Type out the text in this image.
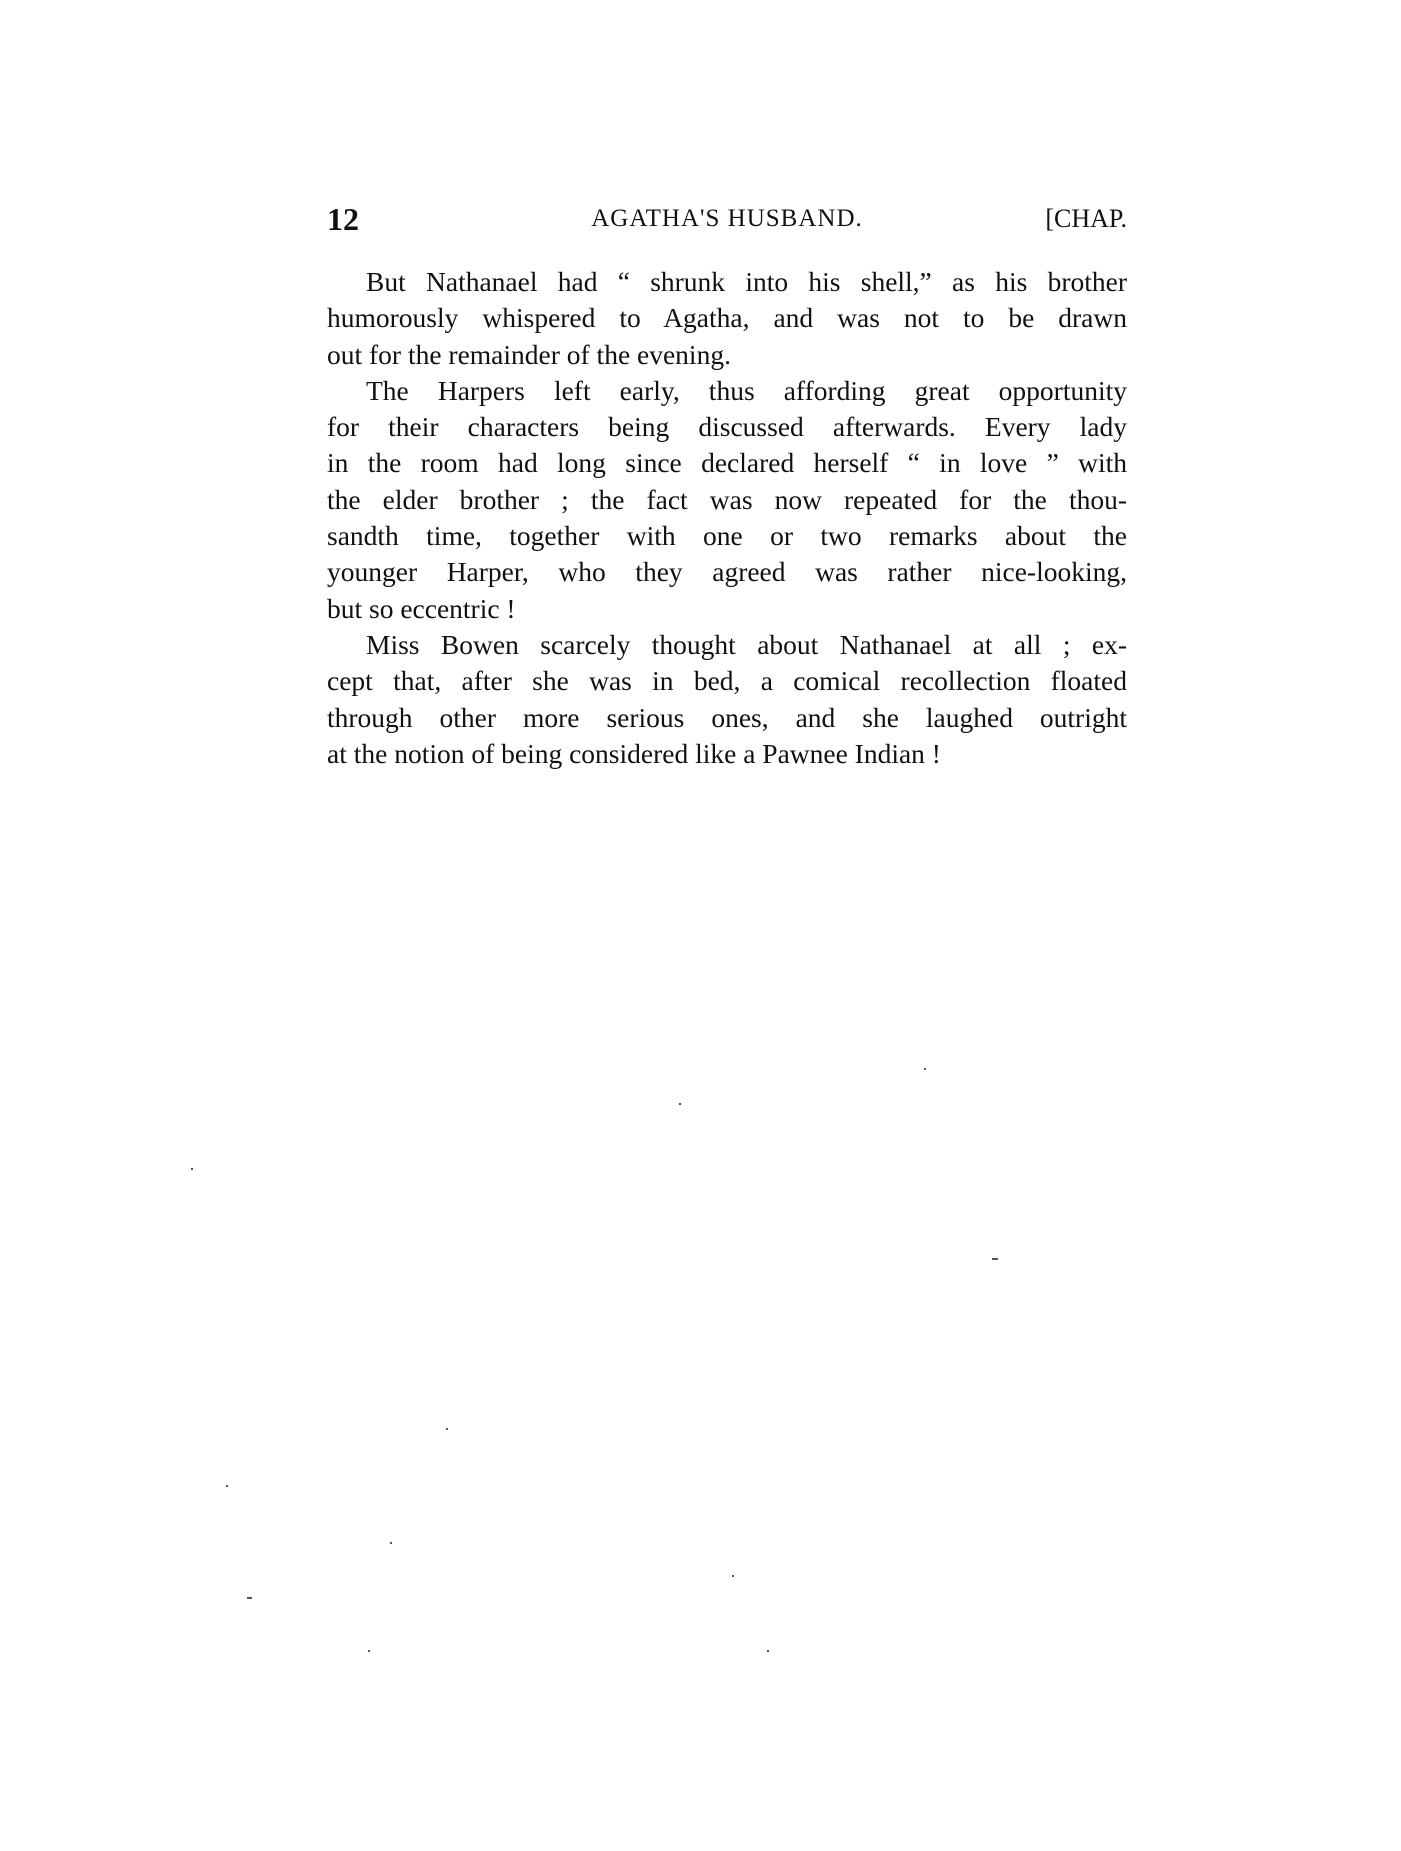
12	AGATHA'S HUSBAND.	[CHAP.

But Nathanael had “ shrunk into his shell,” as his brother
humorously whispered to Agatha, and was not to be drawn
out for the remainder of the evening.

The Harpers left early, thus affording great opportunity
for their characters being discussed afterwards. Every lady
in the room had long since declared herself “ in love ” with
the elder brother ; the fact was now repeated for the thou-
sandth time, together with one or two remarks about the
younger Harper, who they agreed was rather nice-looking,
but so eccentric !

Miss Bowen scarcely thought about Nathanael at all ; ex-
cept that, after she was in bed, a comical recollection floated
through other more serious ones, and she laughed outright
at the notion of being considered like a Pawnee Indian !
